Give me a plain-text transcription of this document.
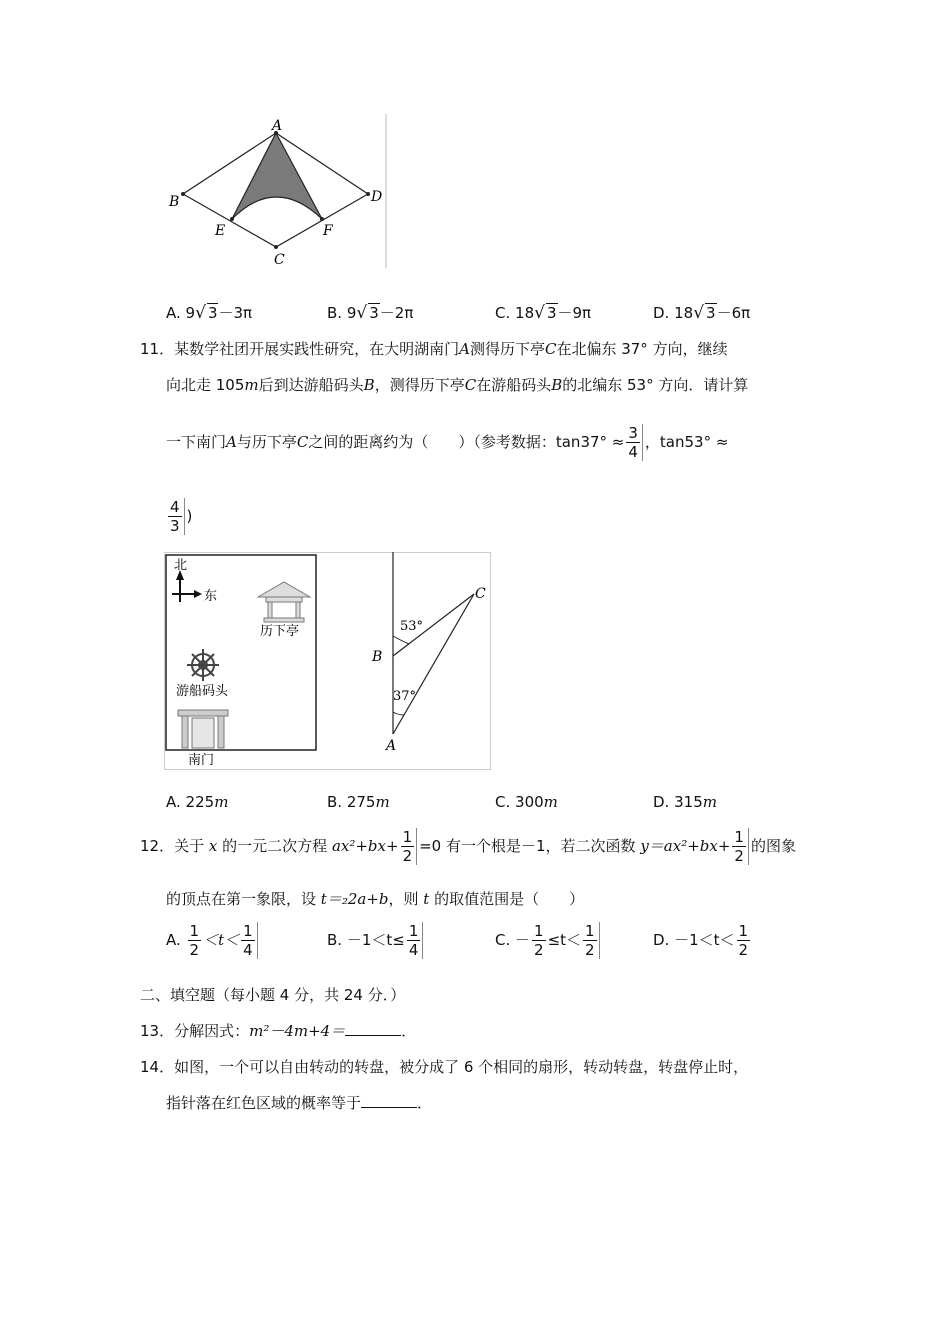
A
B	D
C
E	F
A. 9√ 3－3π	B. 9√ 3－2π	C. 18√ 3－9π	D. 18√ 3－6π
11．某数学社团开展实践性研究，在大明湖南门A测得历下亭C在北偏东 37° 方向，继续
向北走 105m后到达游船码头B，测得历下亭C在游船码头B的北编东 53° 方向．请计算
一下南门A与历下亭C之间的距离约为（　　）（参考数据：$\tan 37^\circ \approx \frac{3}{4}$ ，tan53° ≈
$\frac{4}{3}$ )
北
东
历下亭
游船码头
南门
53°
37°
B
A
C
A. 225m	B. 275m	C. 300m	D. 315m
12．关于 x 的一元二次方程 $ax^2+bx+ \frac{1}{2} =0$ 有一个根是－1，若二次函数 $y=ax^2+bx+ \frac{1}{2}$ 的图象
的顶点在第一象限，设 t＝₂2a+b，则 t 的取值范围是（　　）
A. $\frac{1}{2} <t< \frac{1}{4}$	B. $-1<t\le \frac{1}{4}$	C. － $\frac{1}{2} \le t< \frac{1}{2}$	D. $-1<t< \frac{1}{2}$
二、填空题（每小题 4 分，共 24 分．）
13．分解因式：m²－4m+4＝	．
14．如图，一个可以自由转动的转盘，被分成了 6 个相同的扇形，转动转盘，转盘停止时，
指针落在红色区域的概率等于	．
